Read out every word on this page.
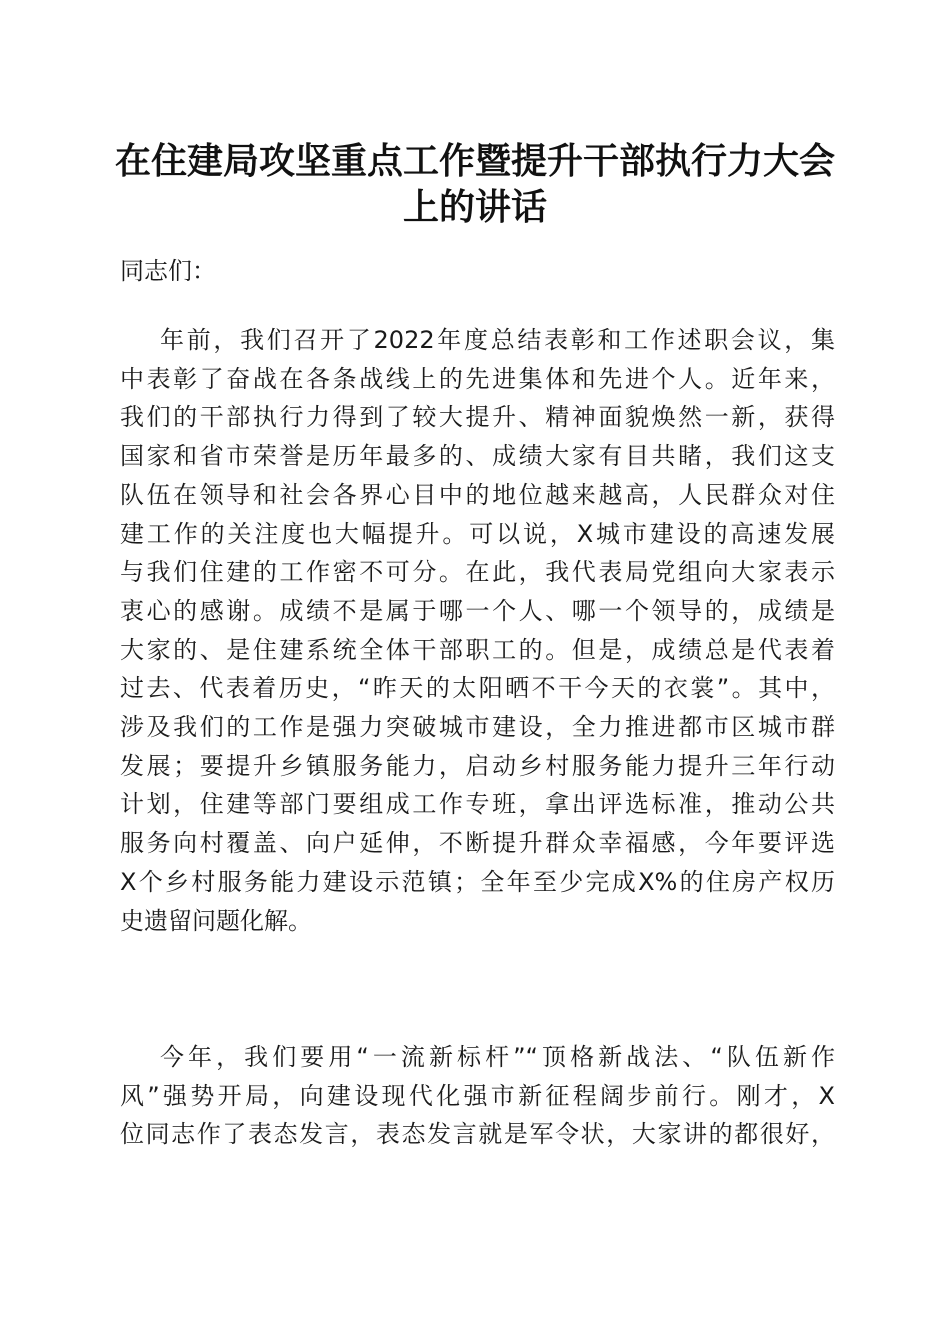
在住建局攻坚重点工作暨提升干部执行力大会
上的讲话

同志们：

年前，我们召开了2022年度总结表彰和工作述职会议，集
中表彰了奋战在各条战线上的先进集体和先进个人。近年来，
我们的干部执行力得到了较大提升、精神面貌焕然一新，获得
国家和省市荣誉是历年最多的、成绩大家有目共睹，我们这支
队伍在领导和社会各界心目中的地位越来越高，人民群众对住
建工作的关注度也大幅提升。可以说，X城市建设的高速发展
与我们住建的工作密不可分。在此，我代表局党组向大家表示
衷心的感谢。成绩不是属于哪一个人、哪一个领导的，成绩是
大家的、是住建系统全体干部职工的。但是，成绩总是代表着
过去、代表着历史，“昨天的太阳晒不干今天的衣裳”。其中，
涉及我们的工作是强力突破城市建设，全力推进都市区城市群
发展；要提升乡镇服务能力，启动乡村服务能力提升三年行动
计划，住建等部门要组成工作专班，拿出评选标准，推动公共
服务向村覆盖、向户延伸，不断提升群众幸福感，今年要评选
X个乡村服务能力建设示范镇；全年至少完成X%的住房产权历
史遗留问题化解。
今年，我们要用“一流新标杆”“顶格新战法、“队伍新作
风”强势开局，向建设现代化强市新征程阔步前行。刚才，X
位同志作了表态发言，表态发言就是军令状，大家讲的都很好，
